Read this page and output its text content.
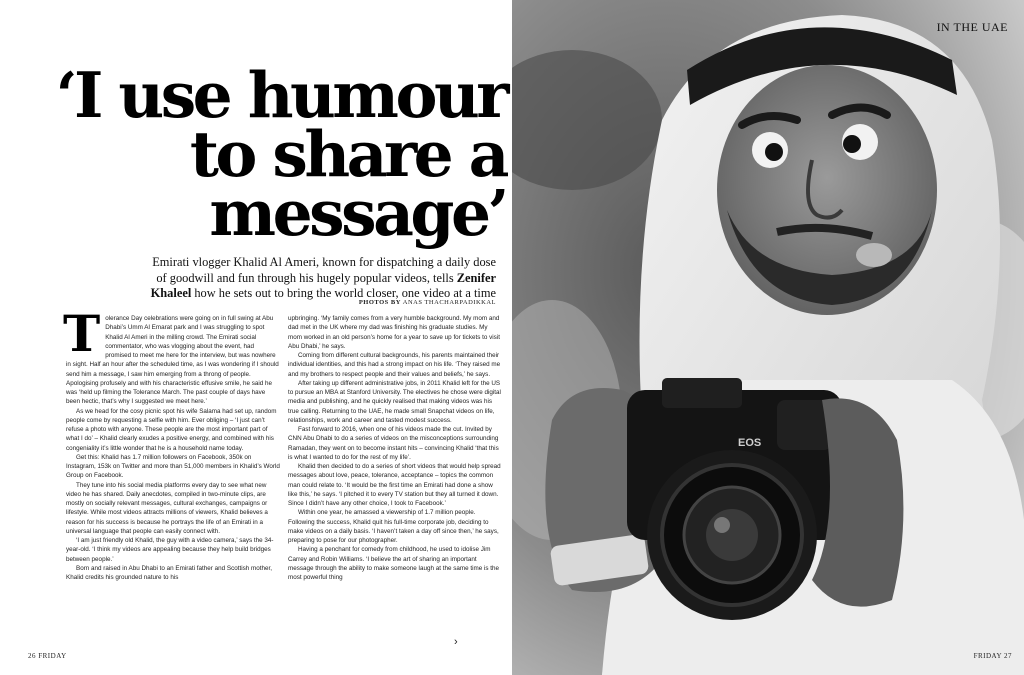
‘I use humour
to share a
message’
Emirati vlogger Khalid Al Ameri, known for dispatching a daily dose of goodwill and fun through his hugely popular videos, tells Zenifer Khaleel how he sets out to bring the world closer, one video at a time
PHOTOS BY ANAS THACHARPADIKKAL

Tolerance Day celebrations were going on in full swing at Abu Dhabi’s Umm Al Emarat park and I was struggling to spot Khalid Al Ameri in the milling crowd. The Emirati social commentator, who was vlogging about the event, had promised to meet me here for the interview, but was nowhere in sight. Half an hour after the scheduled time, as I was wondering if I should send him a message, I saw him emerging from a throng of people. Apologising profusely and with his characteristic effusive smile, he said he was ‘held up filming the Tolerance March. The past couple of days have been hectic, that’s why I suggested we meet here.’

As we head for the cosy picnic spot his wife Salama had set up, random people come by requesting a selfie with him. Ever obliging – ‘I just can’t refuse a photo with anyone. These people are the most important part of what I do’ – Khalid clearly exudes a positive energy, and combined with his congeniality it’s little wonder that he is a household name today.

Get this: Khalid has 1.7 million followers on Facebook, 350k on Instagram, 153k on Twitter and more than 51,000 members in Khalid’s World Group on Facebook.

They tune into his social media platforms every day to see what new video he has shared. Daily anecdotes, compiled in two-minute clips, are mostly on socially relevant messages, cultural exchanges, campaigns or lifestyle. While most videos attracts millions of viewers, Khalid believes a reason for his success is because he portrays the life of an Emirati in a universal language that people can easily connect with.

‘I am just friendly old Khalid, the guy with a video camera,’ says the 34-year-old. ‘I think my videos are appealing because they help build bridges between people.’

Born and raised in Abu Dhabi to an Emirati father and Scottish mother, Khalid credits his grounded nature to his

upbringing. ‘My family comes from a very humble background. My mom and dad met in the UK where my dad was finishing his graduate studies. My mom worked in an old person’s home for a year to save up for tickets to visit Abu Dhabi,’ he says.

Coming from different cultural backgrounds, his parents maintained their individual identities, and this had a strong impact on his life. ‘They raised me and my brothers to respect people and their values and beliefs,’ he says.

After taking up different administrative jobs, in 2011 Khalid left for the US to pursue an MBA at Stanford University. The electives he chose were digital media and publishing, and he quickly realised that making videos was his true calling. Returning to the UAE, he made small Snapchat videos on life, relationships, work and career and tasted modest success.

Fast forward to 2016, when one of his videos made the cut. Invited by CNN Abu Dhabi to do a series of videos on the misconceptions surrounding Ramadan, they went on to become instant hits – convincing Khalid ‘that this is what I wanted to do for the rest of my life’.

Khalid then decided to do a series of short videos that would help spread messages about love, peace, tolerance, acceptance – topics the common man could relate to. ‘It would be the first time an Emirati had done a show like this,’ he says. ‘I pitched it to every TV station but they all turned it down. Since I didn’t have any other choice, I took to Facebook.’

Within one year, he amassed a viewership of 1.7 million people. Following the success, Khalid quit his full-time corporate job, deciding to make videos on a daily basis. ‘I haven’t taken a day off since then,’ he says, preparing to pose for our photographer.

Having a penchant for comedy from childhood, he used to idolise Jim Carrey and Robin Williams. ‘I believe the art of sharing an important message through the ability to make someone laugh at the same time is the most powerful thing

›
26 FRIDAY
EOS
IN THE UAE
FRIDAY 27
